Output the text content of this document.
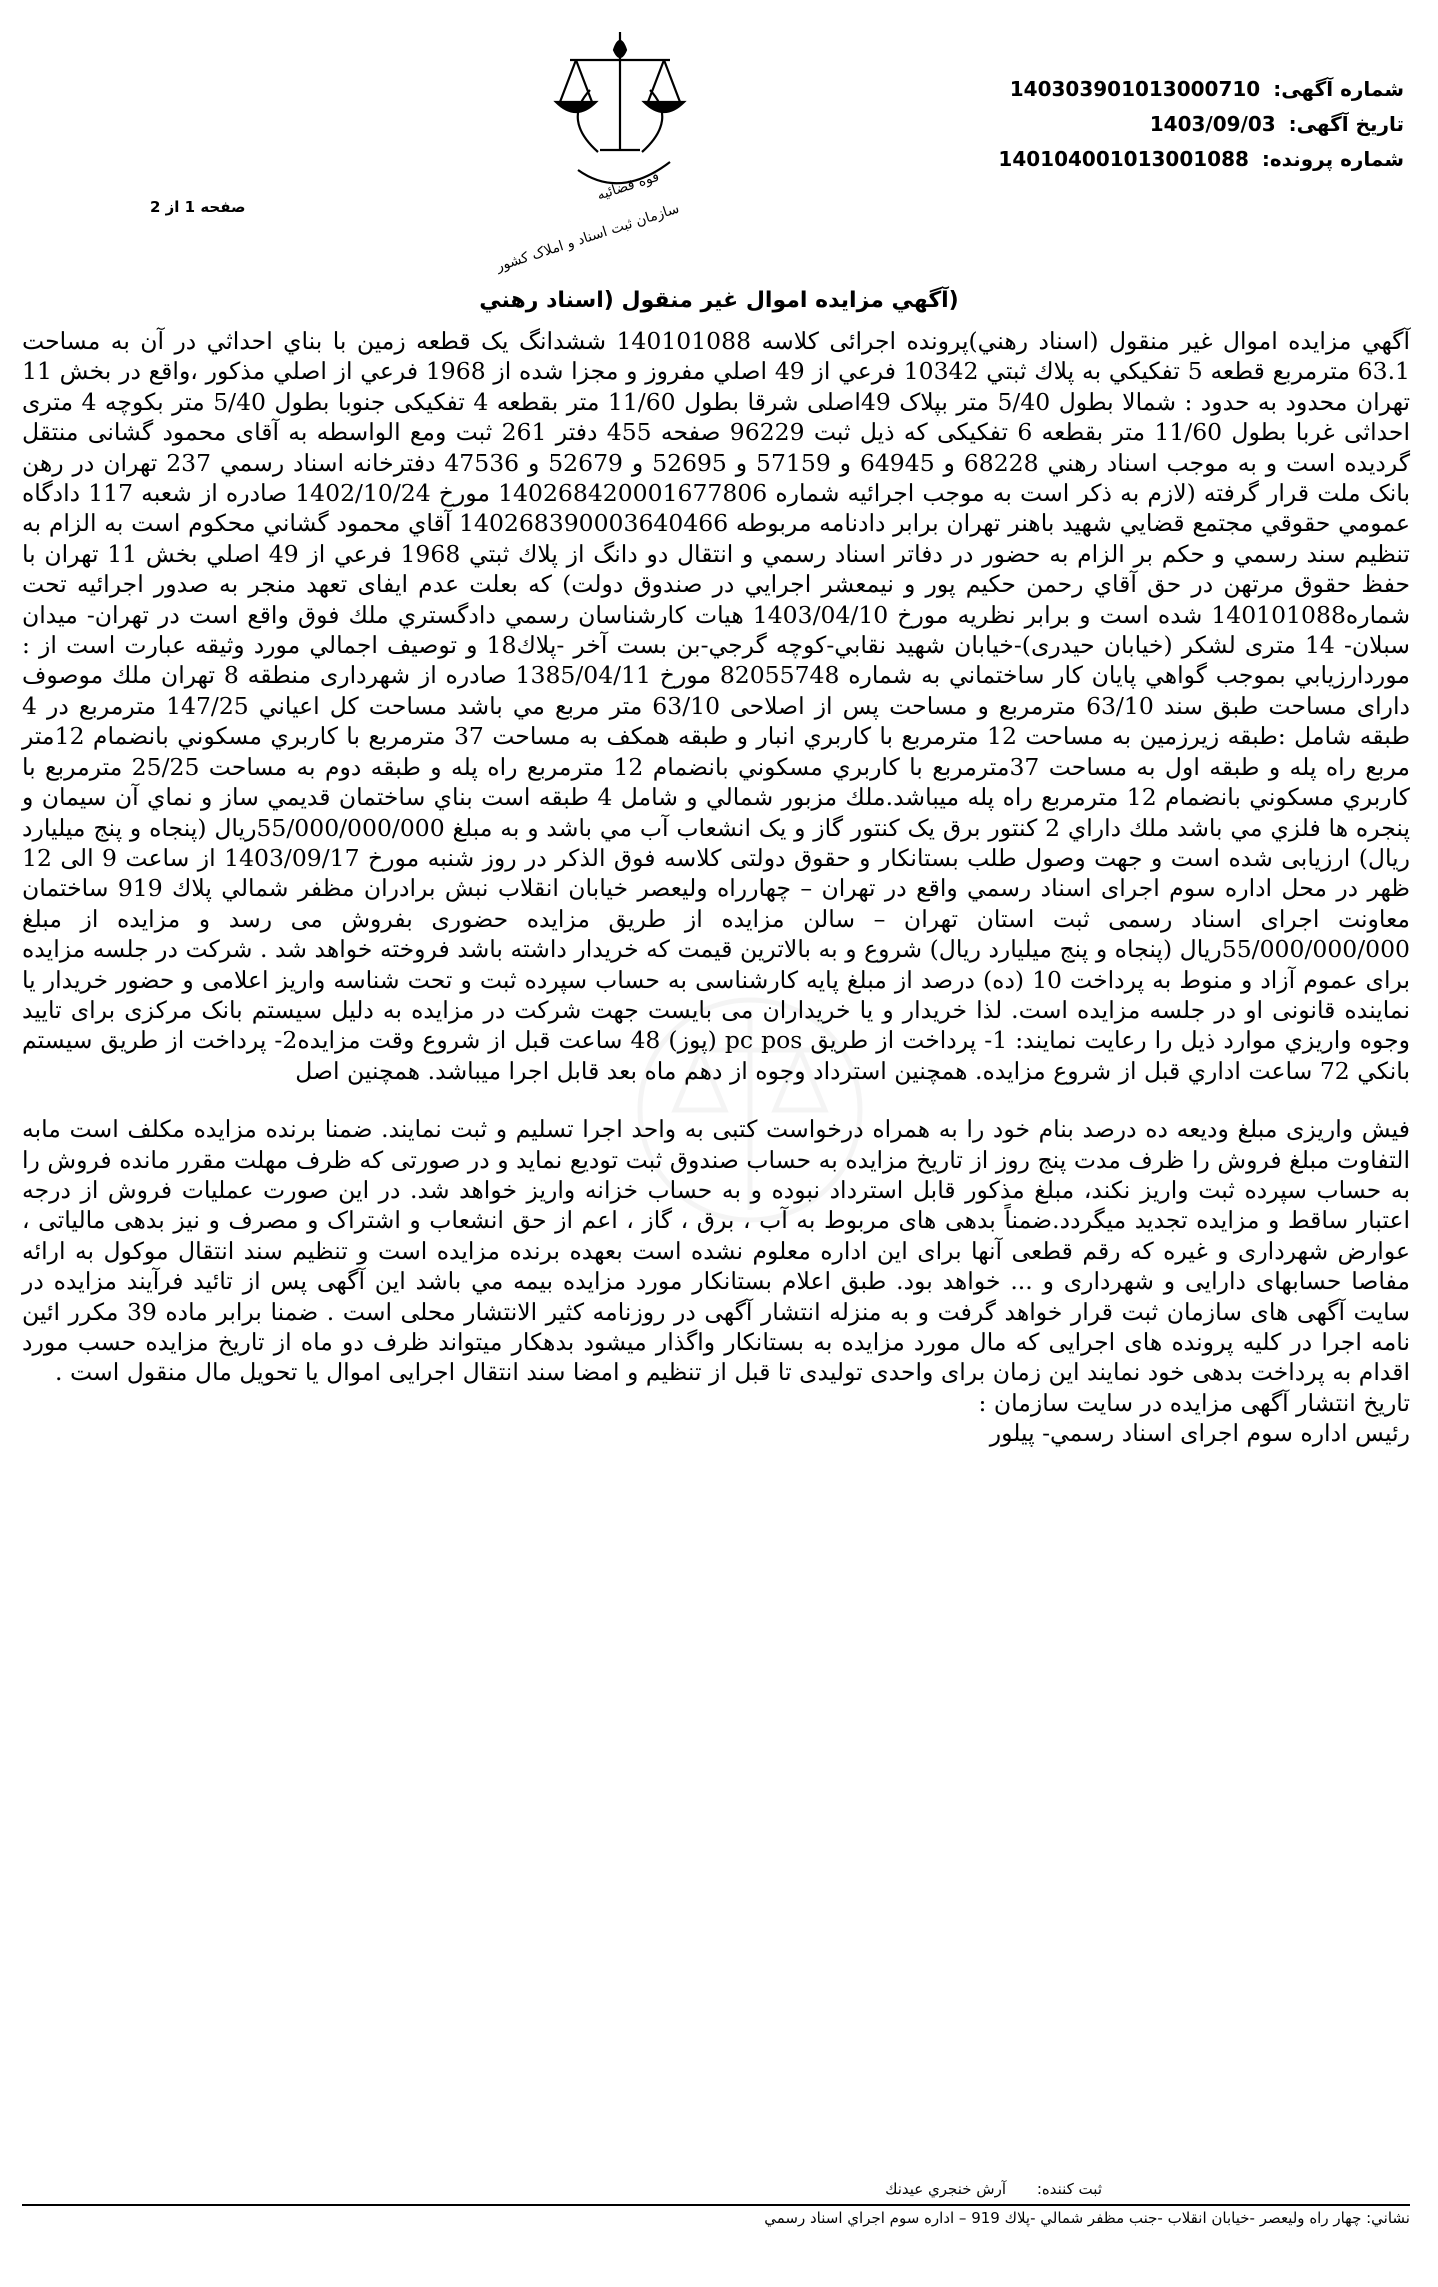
شماره آگهی: 140303901013000710
تاریخ آگهی: 1403/09/03
شماره پرونده: 140104001013001088
قوه قضائیه
سازمان ثبت اسناد و املاک کشور
صفحه 1 از 2
(آگهي مزايده اموال غير منقول (اسناد رهني

آگهي مزايده اموال غير منقول (اسناد رهني)پرونده اجرائی كلاسه 140101088 ششدانگ يک قطعه زمين با بناي احداثي در آن به مساحت 63.1 مترمربع قطعه 5 تفكيكي به پلاك ثبتي 10342 فرعي از 49 اصلي مفروز و مجزا شده از 1968 فرعي از اصلي مذكور ،واقع در بخش 11 تهران محدود به حدود : شمالا بطول 5/40 متر بپلاک 49اصلی شرقا بطول 11/60 متر بقطعه 4 تفکیکی جنوبا بطول 5/40 متر بکوچه 4 متری احداثی غربا بطول 11/60 متر بقطعه 6 تفکیکی که ذیل ثبت 96229 صفحه 455 دفتر 261 ثبت ومع الواسطه به آقای محمود گشانی منتقل گرديده است و به موجب اسناد رهني 68228 و 64945 و 57159 و 52695 و 52679 و 47536 دفترخانه اسناد رسمي 237 تهران در رهن بانک ملت قرار گرفته (لازم به ذكر است به موجب اجرائيه شماره 140268420001677806 مورخ 1402/10/24 صادره از شعبه 117 دادگاه عمومي حقوقي مجتمع قضايي شهيد باهنر تهران برابر دادنامه مربوطه 140268390003640466 آقاي محمود گشاني محكوم است به الزام به تنظيم سند رسمي و حكم بر الزام به حضور در دفاتر اسناد رسمي و انتقال دو دانگ از پلاك ثبتي 1968 فرعي از 49 اصلي بخش 11 تهران با حفظ حقوق مرتهن در حق آقاي رحمن حكيم پور و نيمعشر اجرايي در صندوق دولت) كه بعلت عدم ايفای تعهد منجر به صدور اجرائيه تحت شماره140101088 شده است و برابر نظريه مورخ 1403/04/10 هيات كارشناسان رسمي دادگستري ملك فوق واقع است در تهران- ميدان سبلان- 14 متری لشكر (خيابان حيدری)-خيابان شهيد نقابي-كوچه گرجي-بن بست آخر -پلاك18 و توصيف اجمالي مورد وثيقه عبارت است از : موردارزيابي بموجب گواهي پايان كار ساختماني به شماره 82055748 مورخ 1385/04/11 صادره از شهرداری منطقه 8 تهران ملك موصوف دارای مساحت طبق سند 63/10 مترمربع و مساحت پس از اصلاحی 63/10 متر مربع مي باشد مساحت كل اعياني 147/25 مترمربع در 4 طبقه شامل :طبقه زيرزمين به مساحت 12 مترمربع با كاربري انبار و طبقه همكف به مساحت 37 مترمربع با كاربري مسكوني بانضمام 12متر مربع راه پله و طبقه اول به مساحت 37مترمربع با كاربري مسكوني بانضمام 12 مترمربع راه پله و طبقه دوم به مساحت 25/25 مترمربع با كاربري مسكوني بانضمام 12 مترمربع راه پله ميباشد.ملك مزبور شمالي و شامل 4 طبقه است بناي ساختمان قديمي ساز و نماي آن سيمان و پنجره ها فلزي مي باشد ملك داراي 2 كنتور برق يک كنتور گاز و يک انشعاب آب مي باشد و به مبلغ 55/000/000/000ريال (پنجاه و پنج ميليارد ريال) ارزيابی شده است و جهت وصول طلب بستانكار و حقوق دولتی كلاسه فوق الذكر در روز شنبه مورخ 1403/09/17 از ساعت 9 الی 12 ظهر در محل اداره سوم اجرای اسناد رسمي واقع در تهران – چهارراه وليعصر خيابان انقلاب نبش برادران مظفر شمالي پلاك 919 ساختمان معاونت اجرای اسناد رسمی ثبت استان تهران – سالن مزايده از طريق مزايده حضوری بفروش می رسد و مزايده از مبلغ 55/000/000/000ريال (پنجاه و پنج ميليارد ريال) شروع و به بالاترين قيمت كه خريدار داشته باشد فروخته خواهد شد . شركت در جلسه مزايده برای عموم آزاد و منوط به پرداخت 10 (ده) درصد از مبلغ پايه كارشناسی به حساب سپرده ثبت و تحت شناسه واريز اعلامی و حضور خريدار يا نماينده قانونی او در جلسه مزايده است. لذا خريدار و يا خريداران می بايست جهت شركت در مزايده به دليل سيستم بانک مركزی برای تاييد وجوه واريزي موارد ذيل را رعايت نمايند: 1- پرداخت از طريق pc pos (پوز) 48 ساعت قبل از شروع وقت مزايده2- پرداخت از طريق سيستم بانكي 72 ساعت اداري قبل از شروع مزايده. همچنين استرداد وجوه از دهم ماه بعد قابل اجرا ميباشد. همچنين اصل

فيش واريزی مبلغ وديعه ده درصد بنام خود را به همراه درخواست كتبی به واحد اجرا تسليم و ثبت نمايند. ضمنا برنده مزايده مكلف است مابه التفاوت مبلغ فروش را ظرف مدت پنج روز از تاريخ مزايده به حساب صندوق ثبت توديع نمايد و در صورتی كه ظرف مهلت مقرر مانده فروش را به حساب سپرده ثبت واريز نكند، مبلغ مذكور قابل استرداد نبوده و به حساب خزانه واريز خواهد شد. در اين صورت عمليات فروش از درجه اعتبار ساقط و مزايده تجديد ميگردد.ضمناً بدهی های مربوط به آب ، برق ، گاز ، اعم از حق انشعاب و اشتراک و مصرف و نيز بدهی مالياتی ، عوارض شهرداری و غيره كه رقم قطعی آنها برای اين اداره معلوم نشده است بعهده برنده مزايده است و تنظيم سند انتقال موكول به ارائه مفاصا حسابهای دارايی و شهرداری و ... خواهد بود. طبق اعلام بستانكار مورد مزايده بيمه مي باشد اين آگهی پس از تائيد فرآيند مزايده در سايت آگهی های سازمان ثبت قرار خواهد گرفت و به منزله انتشار آگهی در روزنامه كثير الانتشار محلی است . ضمنا برابر ماده 39 مكرر ائين نامه اجرا در كليه پرونده های اجرايی كه مال مورد مزايده به بستانكار واگذار ميشود بدهكار ميتواند ظرف دو ماه از تاريخ مزايده حسب مورد اقدام به پرداخت بدهی خود نمايند اين زمان برای واحدی توليدی تا قبل از تنظيم و امضا سند انتقال اجرايی اموال يا تحويل مال منقول است .

تاريخ انتشار آگهی مزايده در سايت سازمان :

رئيس اداره سوم اجرای اسناد رسمي- پيلور

ثبت كننده: آرش خنجري عيدنك
نشاني: چهار راه وليعصر -خيابان انقلاب -جنب مظفر شمالي -پلاك 919 – اداره سوم اجراي اسناد رسمي
